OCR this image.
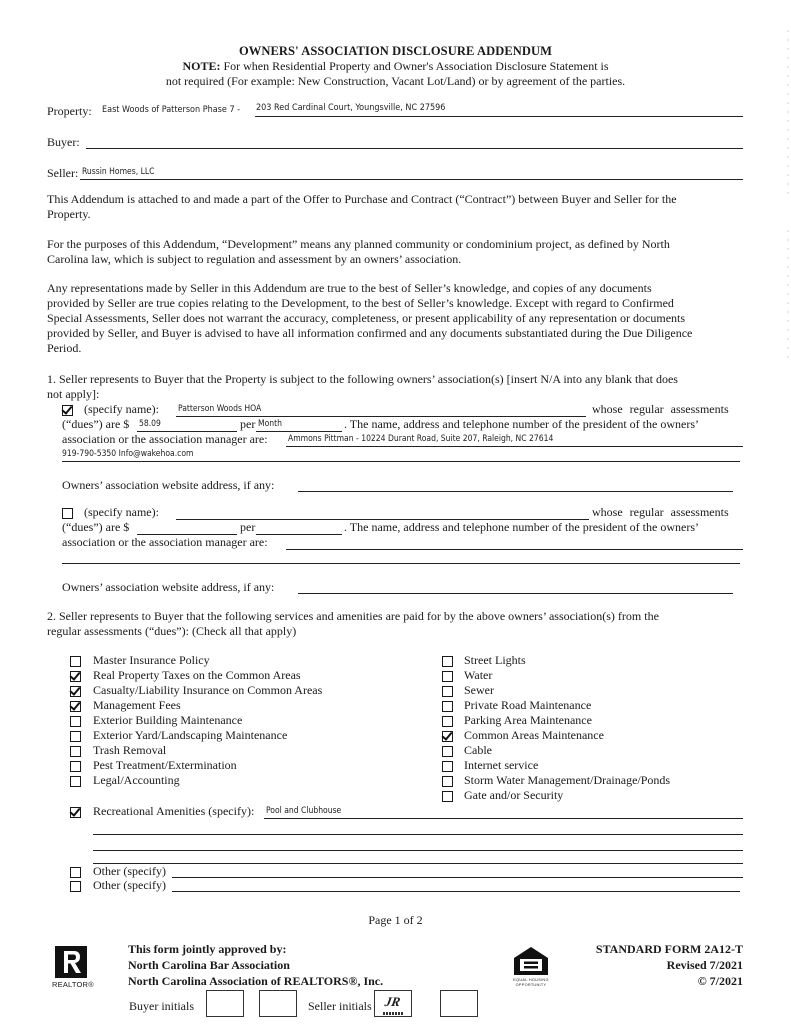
OWNERS' ASSOCIATION DISCLOSURE ADDENDUM
NOTE: For when Residential Property and Owner's Association Disclosure Statement is
not required (For example: New Construction, Vacant Lot/Land) or by agreement of the parties.
Property: East Woods of Patterson Phase 7 - 203 Red Cardinal Court, Youngsville, NC 27596
Buyer:
Seller: Russin Homes, LLC
This Addendum is attached to and made a part of the Offer to Purchase and Contract (“Contract”) between Buyer and Seller for the
Property.
For the purposes of this Addendum, “Development” means any planned community or condominium project, as defined by North
Carolina law, which is subject to regulation and assessment by an owners’ association.
Any representations made by Seller in this Addendum are true to the best of Seller’s knowledge, and copies of any documents
provided by Seller are true copies relating to the Development, to the best of Seller’s knowledge. Except with regard to Confirmed
Special Assessments, Seller does not warrant the accuracy, completeness, or present applicability of any representation or documents
provided by Seller, and Buyer is advised to have all information confirmed and any documents substantiated during the Due Diligence
Period.
1. Seller represents to Buyer that the Property is subject to the following owners’ association(s) [insert N/A into any blank that does
not apply]:
(specify name): Patterson Woods HOA	whose regular assessments
(“dues”) are $ 58.09	per Month	. The name, address and telephone number of the president of the owners’
association or the association manager are: Ammons Pittman - 10224 Durant Road, Suite 207, Raleigh, NC 27614
919-790-5350 Info@wakehoa.com
Owners’ association website address, if any:
(specify name):	whose regular assessments
(“dues”) are $	per	. The name, address and telephone number of the president of the owners’
association or the association manager are:
Owners’ association website address, if any:
2. Seller represents to Buyer that the following services and amenities are paid for by the above owners’ association(s) from the
regular assessments (“dues”): (Check all that apply)
Master Insurance Policy
Real Property Taxes on the Common Areas
Casualty/Liability Insurance on Common Areas
Management Fees
Exterior Building Maintenance
Exterior Yard/Landscaping Maintenance
Trash Removal
Pest Treatment/Extermination
Legal/Accounting
Street Lights
Water
Sewer
Private Road Maintenance
Parking Area Maintenance
Common Areas Maintenance
Cable
Internet service
Storm Water Management/Drainage/Ponds
Gate and/or Security
Recreational Amenities (specify): Pool and Clubhouse
Other (specify)
Other (specify)
Page 1 of 2
REALTOR®
This form jointly approved by:
North Carolina Bar Association
North Carolina Association of REALTORS®, Inc.
Buyer initials	Seller initials JR
EQUAL HOUSING OPPORTUNITY
STANDARD FORM 2A12-T
Revised 7/2021
© 7/2021
